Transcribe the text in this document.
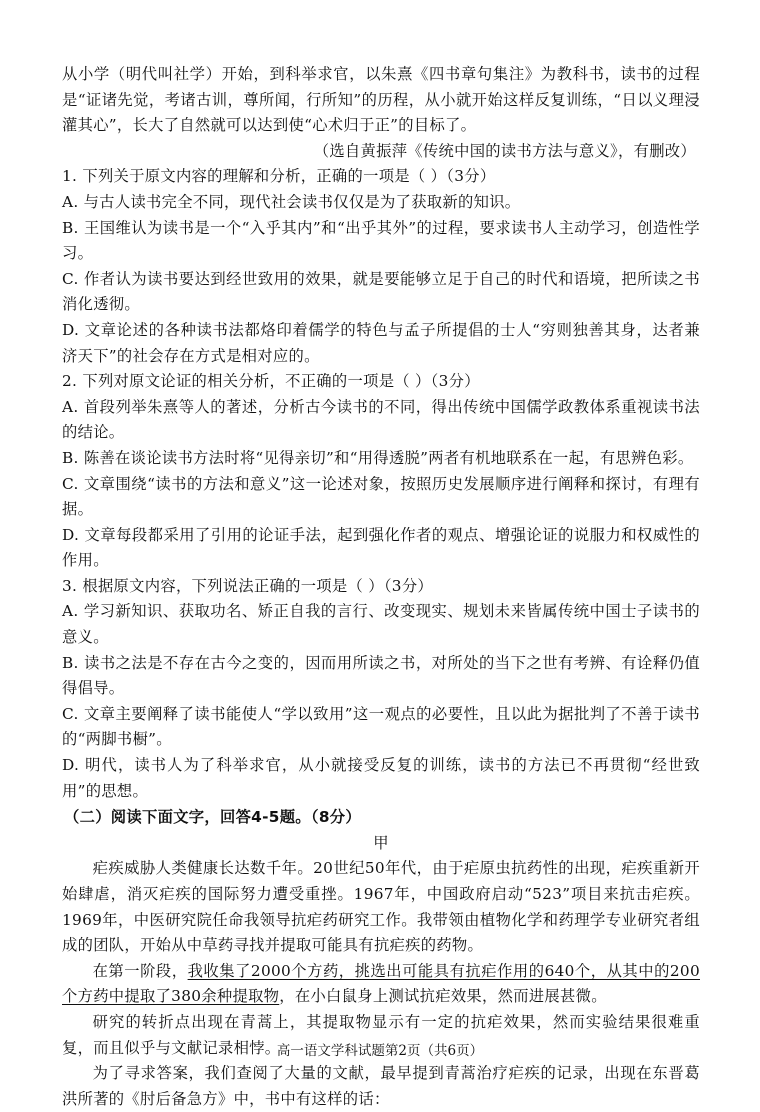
从小学（明代叫社学）开始，到科举求官，以朱熹《四书章句集注》为教科书，读书的过程是“证诸先觉，考诸古训，尊所闻，行所知”的历程，从小就开始这样反复训练，“日以义理浸灌其心”，长大了自然就可以达到使“心术归于正”的目标了。

（选自黄振萍《传统中国的读书方法与意义》，有删改）

1. 下列关于原文内容的理解和分析，正确的一项是（ ）（3分）

A. 与古人读书完全不同，现代社会读书仅仅是为了获取新的知识。

B. 王国维认为读书是一个“入乎其内”和“出乎其外”的过程，要求读书人主动学习，创造性学习。

C. 作者认为读书要达到经世致用的效果，就是要能够立足于自己的时代和语境，把所读之书消化透彻。

D. 文章论述的各种读书法都烙印着儒学的特色与孟子所提倡的士人“穷则独善其身，达者兼济天下”的社会存在方式是相对应的。

2. 下列对原文论证的相关分析，不正确的一项是（ ）（3分）

A. 首段列举朱熹等人的著述，分析古今读书的不同，得出传统中国儒学政教体系重视读书法的结论。

B. 陈善在谈论读书方法时将“见得亲切”和“用得透脱”两者有机地联系在一起，有思辨色彩。

C. 文章围绕“读书的方法和意义”这一论述对象，按照历史发展顺序进行阐释和探讨，有理有据。

D. 文章每段都采用了引用的论证手法，起到强化作者的观点、增强论证的说服力和权威性的作用。

3. 根据原文内容，下列说法正确的一项是（ ）（3分）

A. 学习新知识、获取功名、矫正自我的言行、改变现实、规划未来皆属传统中国士子读书的意义。

B. 读书之法是不存在古今之变的，因而用所读之书，对所处的当下之世有考辨、有诠释仍值得倡导。

C. 文章主要阐释了读书能使人“学以致用”这一观点的必要性，且以此为据批判了不善于读书的“两脚书橱”。

D. 明代，读书人为了科举求官，从小就接受反复的训练，读书的方法已不再贯彻“经世致用”的思想。

（二）阅读下面文字，回答4-5题。（8分）

甲

疟疾威胁人类健康长达数千年。20世纪50年代，由于疟原虫抗药性的出现，疟疾重新开始肆虐，消灭疟疾的国际努力遭受重挫。1967年，中国政府启动“523”项目来抗击疟疾。1969年，中医研究院任命我领导抗疟药研究工作。我带领由植物化学和药理学专业研究者组成的团队，开始从中草药寻找并提取可能具有抗疟疾的药物。

在第一阶段，我收集了2000个方药，挑选出可能具有抗疟作用的640个，从其中的200个方药中提取了380余种提取物，在小白鼠身上测试抗疟效果，然而进展甚微。

研究的转折点出现在青蒿上，其提取物显示有一定的抗疟效果，然而实验结果很难重复，而且似乎与文献记录相悖。

为了寻求答案，我们查阅了大量的文献，最早提到青蒿治疗疟疾的记录，出现在东晋葛洪所著的《肘后备急方》中，书中有这样的话：

高一语文学科试题第2页（共6页）
